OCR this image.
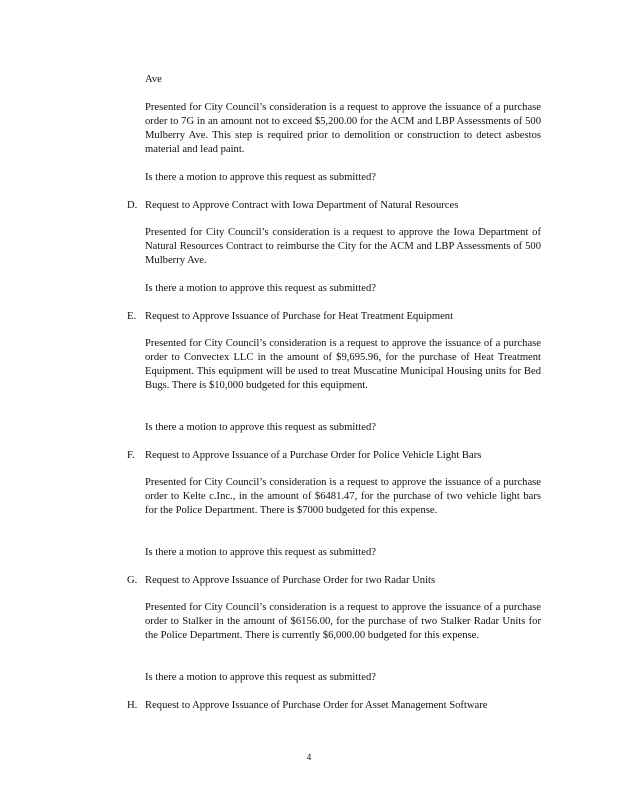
Ave
Presented for City Council’s consideration is a request to approve the issuance of a purchase order to 7G in an amount not to exceed $5,200.00 for the ACM and LBP Assessments of 500 Mulberry Ave. This step is required prior to demolition or construction to detect asbestos material and lead paint.
Is there a motion to approve this request as submitted?
D. Request to Approve Contract with Iowa Department of Natural Resources
Presented for City Council’s consideration is a request to approve the Iowa Department of Natural Resources Contract to reimburse the City for the ACM and LBP Assessments of 500 Mulberry Ave.
Is there a motion to approve this request as submitted?
E. Request to Approve Issuance of Purchase for Heat Treatment Equipment
Presented for City Council’s consideration is a request to approve the issuance of a purchase order to Convectex LLC in the amount of $9,695.96, for the purchase of Heat Treatment Equipment. This equipment will be used to treat Muscatine Municipal Housing units for Bed Bugs. There is $10,000 budgeted for this equipment.
Is there a motion to approve this request as submitted?
F. Request to Approve Issuance of a Purchase Order for Police Vehicle Light Bars
Presented for City Council’s consideration is a request to approve the issuance of a purchase order to Kelte c.Inc., in the amount of $6481.47, for the purchase of two vehicle light bars for the Police Department. There is $7000 budgeted for this expense.
Is there a motion to approve this request as submitted?
G. Request to Approve Issuance of Purchase Order for two Radar Units
Presented for City Council’s consideration is a request to approve the issuance of a purchase order to Stalker in the amount of $6156.00, for the purchase of two Stalker Radar Units for the Police Department. There is currently $6,000.00 budgeted for this expense.
Is there a motion to approve this request as submitted?
H. Request to Approve Issuance of Purchase Order for Asset Management Software
4
